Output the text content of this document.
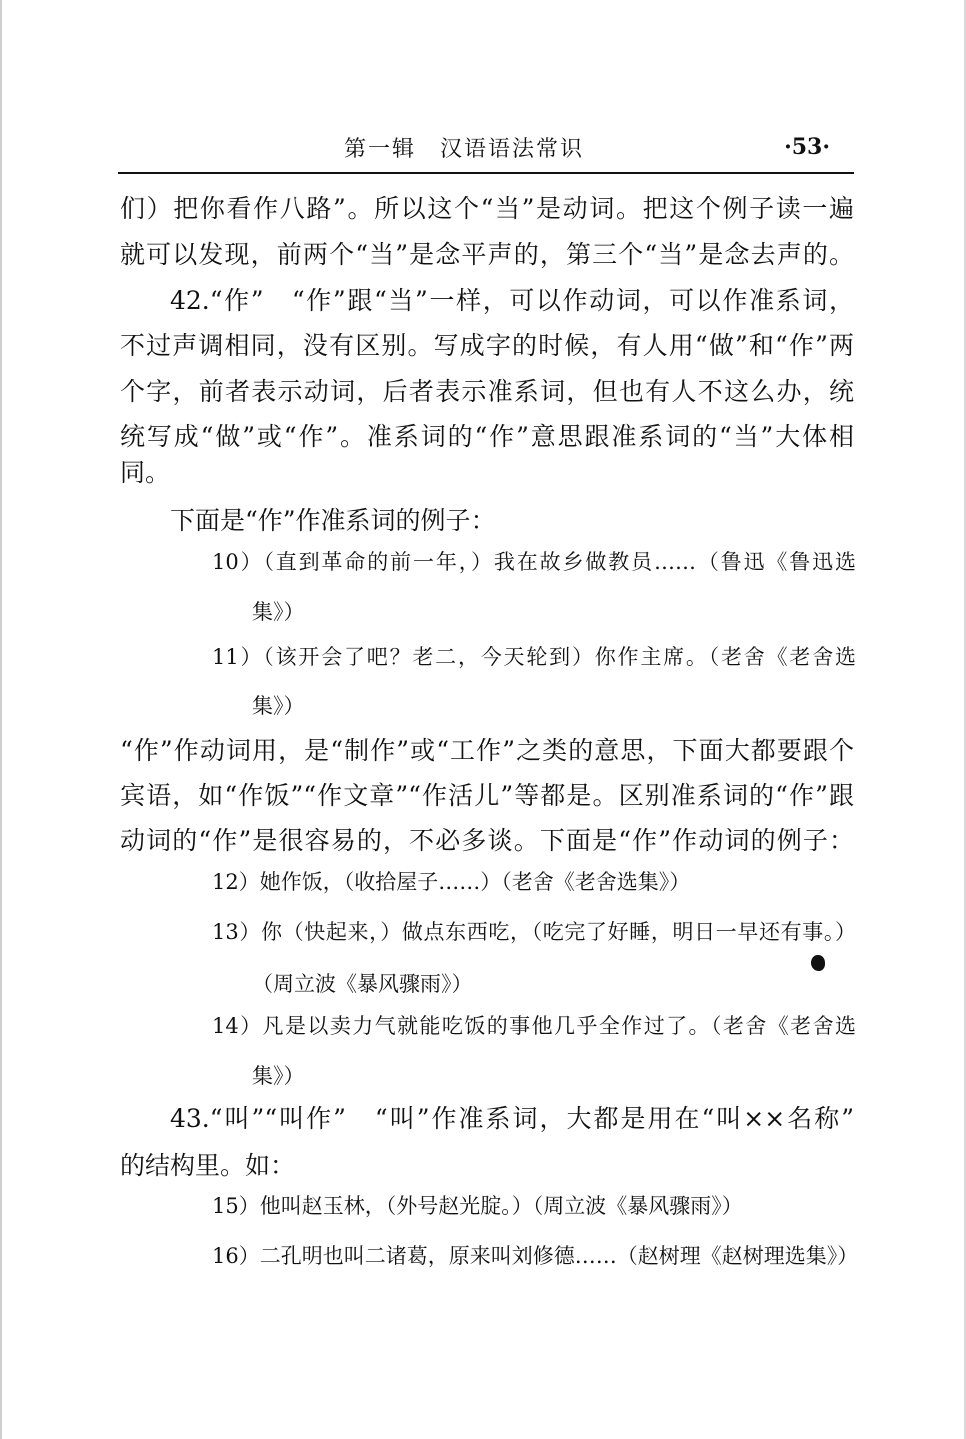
第一辑　汉语语法常识	·53·
们）把你看作八路”。所以这个“当”是动词。把这个例子读一遍
就可以发现，前两个“当”是念平声的，第三个“当”是念去声的。
42.“作”　“作”跟“当”一样，可以作动词，可以作准系词，
不过声调相同，没有区别。写成字的时候，有人用“做”和“作”两
个字，前者表示动词，后者表示准系词，但也有人不这么办，统
统写成“做”或“作”。准系词的“作”意思跟准系词的“当”大体相
同。
下面是“作”作准系词的例子：
10）（直到革命的前一年，）我在故乡做教员……（鲁迅《鲁迅选
集》）
11）（该开会了吧？老二，今天轮到）你作主席。（老舍《老舍选
集》）
“作”作动词用，是“制作”或“工作”之类的意思，下面大都要跟个
宾语，如“作饭”“作文章”“作活儿”等都是。区别准系词的“作”跟
动词的“作”是很容易的，不必多谈。下面是“作”作动词的例子：
12）她作饭，（收拾屋子……）（老舍《老舍选集》）
13）你（快起来，）做点东西吃，（吃完了好睡，明日一早还有事。）
（周立波《暴风骤雨》）
14）凡是以卖力气就能吃饭的事他几乎全作过了。（老舍《老舍选
集》）
43.“叫”“叫作”　“叫”作准系词，大都是用在“叫××名称”
的结构里。如：
15）他叫赵玉林，（外号赵光腚。）（周立波《暴风骤雨》）
16）二孔明也叫二诸葛，原来叫刘修德……（赵树理《赵树理选集》）
